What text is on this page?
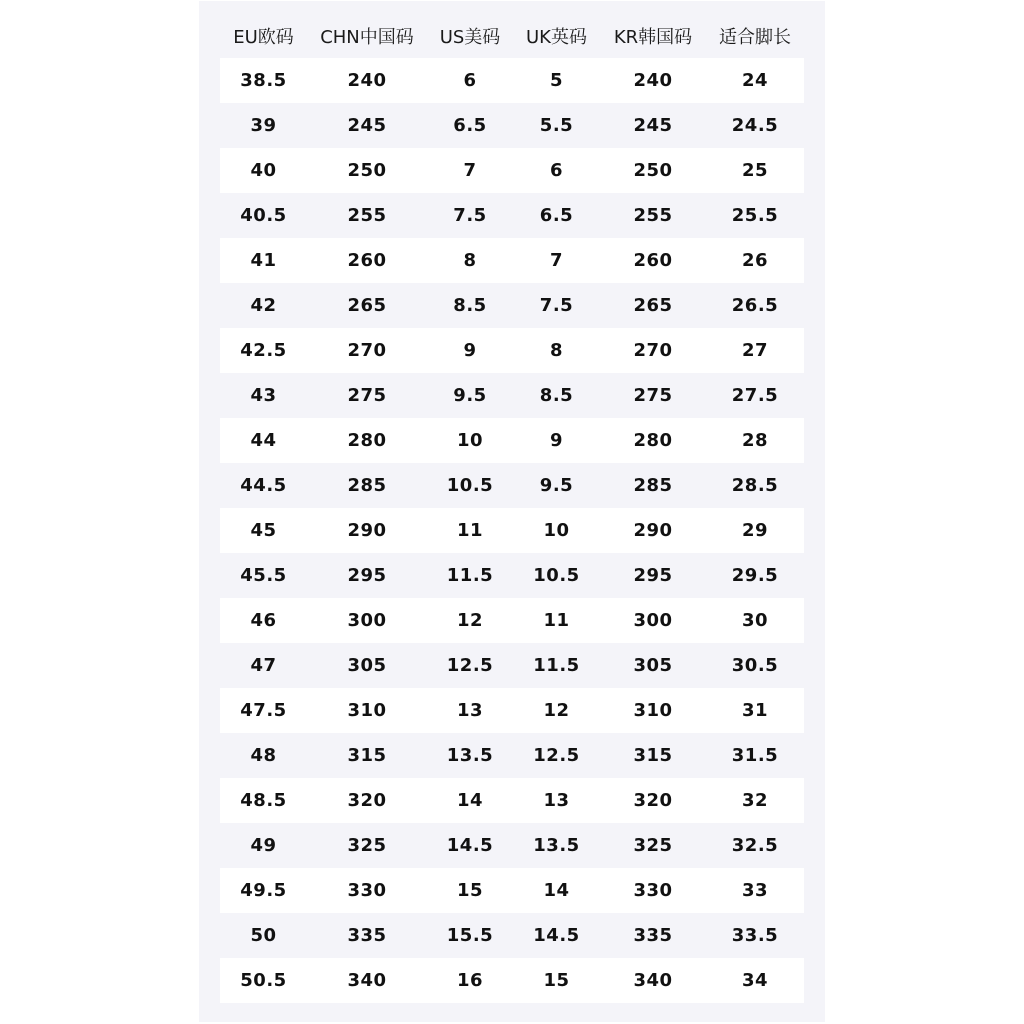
EU欧码	CHN中国码	US美码	UK英码	KR韩国码	适合脚长
38.5	240	6	5	240	24
39	245	6.5	5.5	245	24.5
40	250	7	6	250	25
40.5	255	7.5	6.5	255	25.5
41	260	8	7	260	26
42	265	8.5	7.5	265	26.5
42.5	270	9	8	270	27
43	275	9.5	8.5	275	27.5
44	280	10	9	280	28
44.5	285	10.5	9.5	285	28.5
45	290	11	10	290	29
45.5	295	11.5	10.5	295	29.5
46	300	12	11	300	30
47	305	12.5	11.5	305	30.5
47.5	310	13	12	310	31
48	315	13.5	12.5	315	31.5
48.5	320	14	13	320	32
49	325	14.5	13.5	325	32.5
49.5	330	15	14	330	33
50	335	15.5	14.5	335	33.5
50.5	340	16	15	340	34
